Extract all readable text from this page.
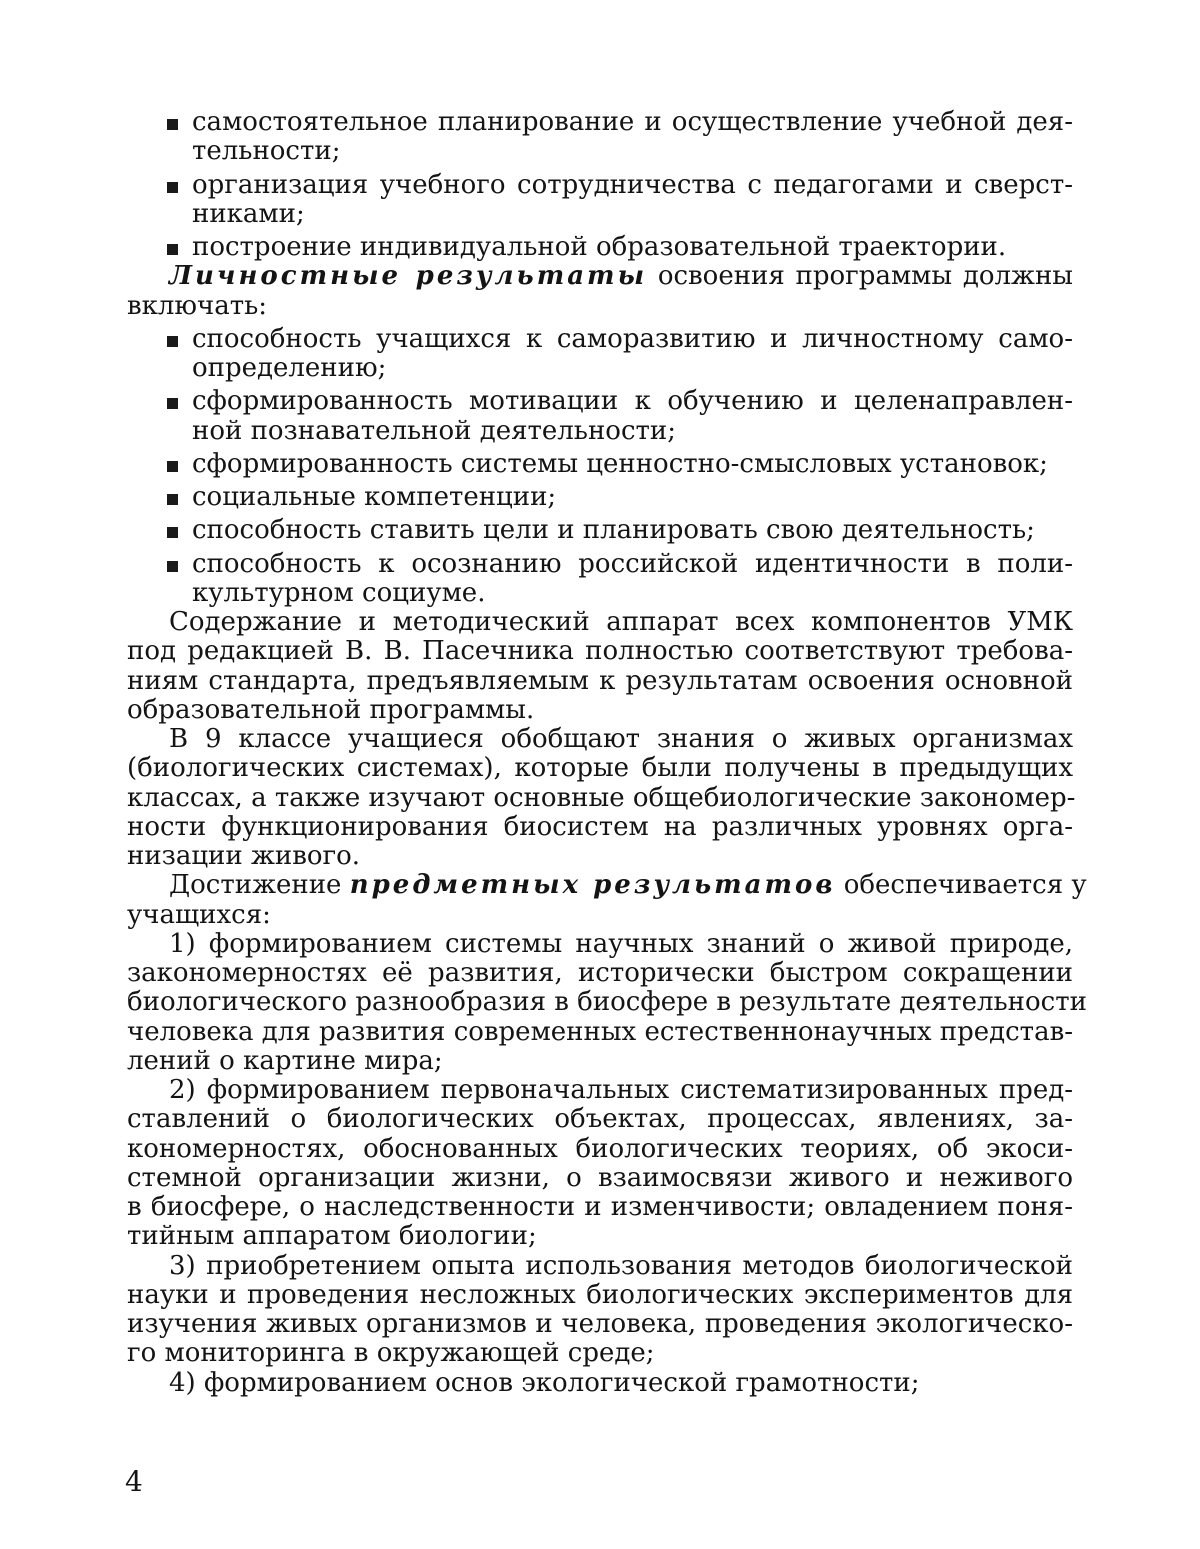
самостоятельное планирование и осуществление учебной дея-
тельности;
организация учебного сотрудничества с педагогами и сверст-
никами;
построение индивидуальной образовательной траектории.
Личностные результаты освоения программы должны
включать:
способность учащихся к саморазвитию и личностному само-
определению;
сформированность мотивации к обучению и целенаправлен-
ной познавательной деятельности;
сформированность системы ценностно-смысловых установок;
социальные компетенции;
способность ставить цели и планировать свою деятельность;
способность к осознанию российской идентичности в поли-
культурном социуме.
Содержание и методический аппарат всех компонентов УМК
под редакцией В. В. Пасечника полностью соответствуют требова-
ниям стандарта, предъявляемым к результатам освоения основной
образовательной программы.
В 9 классе учащиеся обобщают знания о живых организмах
(биологических системах), которые были получены в предыдущих
классах, а также изучают основные общебиологические закономер-
ности функционирования биосистем на различных уровнях орга-
низации живого.
Достижение предметных результатов обеспечивается у
учащихся:
1) формированием системы научных знаний о живой природе,
закономерностях её развития, исторически быстром сокращении
биологического разнообразия в биосфере в результате деятельности
человека для развития современных естественнонаучных представ-
лений о картине мира;
2) формированием первоначальных систематизированных пред-
ставлений о биологических объектах, процессах, явлениях, за-
кономерностях, обоснованных биологических теориях, об экоси-
стемной организации жизни, о взаимосвязи живого и неживого
в биосфере, о наследственности и изменчивости; овладением поня-
тийным аппаратом биологии;
3) приобретением опыта использования методов биологической
науки и проведения несложных биологических экспериментов для
изучения живых организмов и человека, проведения экологическо-
го мониторинга в окружающей среде;
4) формированием основ экологической грамотности;
4
